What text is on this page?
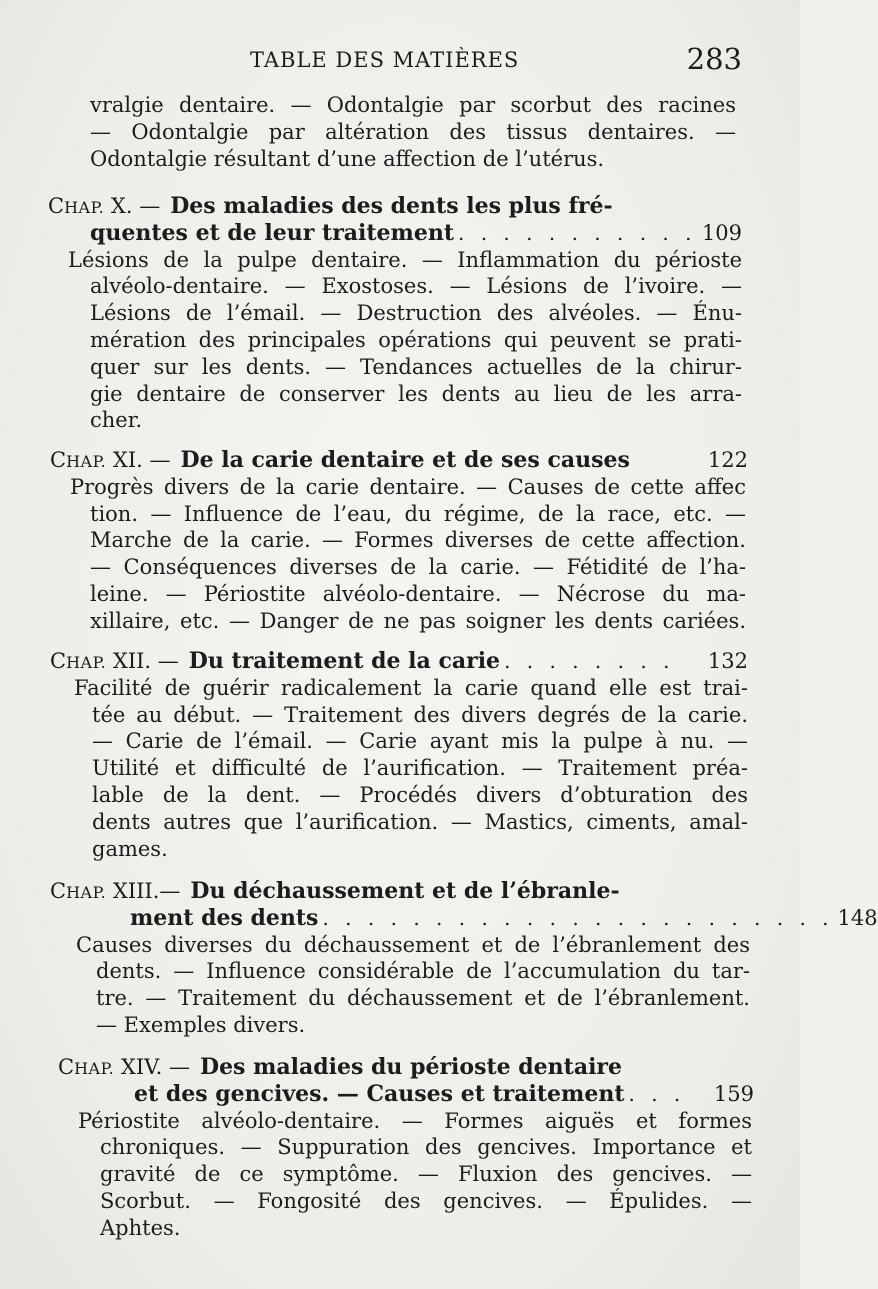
TABLE DES MATIÈRES	283
vralgie dentaire. — Odontalgie par scorbut des racines
— Odontalgie par altération des tissus dentaires. —
Odontalgie résultant d’une affection de l’utérus.
CHAP. X. — Des maladies des dents les plus fré-
quentes et de leur traitement . . . . . . . . . . . 109
Lésions de la pulpe dentaire. — Inflammation du périoste
alvéolo-dentaire. — Exostoses. — Lésions de l’ivoire. —
Lésions de l’émail. — Destruction des alvéoles. — Énu-
mération des principales opérations qui peuvent se prati-
quer sur les dents. — Tendances actuelles de la chirur-
gie dentaire de conserver les dents au lieu de les arra-
cher.
CHAP. XI. — De la carie dentaire et de ses causes	122
Progrès divers de la carie dentaire. — Causes de cette affec
tion. — Influence de l’eau, du régime, de la race, etc. —
Marche de la carie. — Formes diverses de cette affection.
— Conséquences diverses de la carie. — Fétidité de l’ha-
leine. — Périostite alvéolo-dentaire. — Nécrose du ma-
xillaire, etc. — Danger de ne pas soigner les dents cariées.
CHAP. XII. — Du traitement de la carie . . . . . . . .	132
Facilité de guérir radicalement la carie quand elle est trai-
tée au début. — Traitement des divers degrés de la carie.
— Carie de l’émail. — Carie ayant mis la pulpe à nu. —
Utilité et difficulté de l’aurification. — Traitement préa-
lable de la dent. — Procédés divers d’obturation des
dents autres que l’aurification. — Mastics, ciments, amal-
games.
CHAP. XIII.— Du déchaussement et de l’ébranle-
ment des dents . . . . . . . . . . . . . . . . . . . . . . . 148
Causes diverses du déchaussement et de l’ébranlement des
dents. — Influence considérable de l’accumulation du tar-
tre. — Traitement du déchaussement et de l’ébranlement.
— Exemples divers.
CHAP. XIV. — Des maladies du périoste dentaire
et des gencives. — Causes et traitement . . .	159
Périostite alvéolo-dentaire. — Formes aiguës et formes
chroniques. — Suppuration des gencives. Importance et
gravité de ce symptôme. — Fluxion des gencives. —
Scorbut. — Fongosité des gencives. — Épulides. —
Aphtes.
